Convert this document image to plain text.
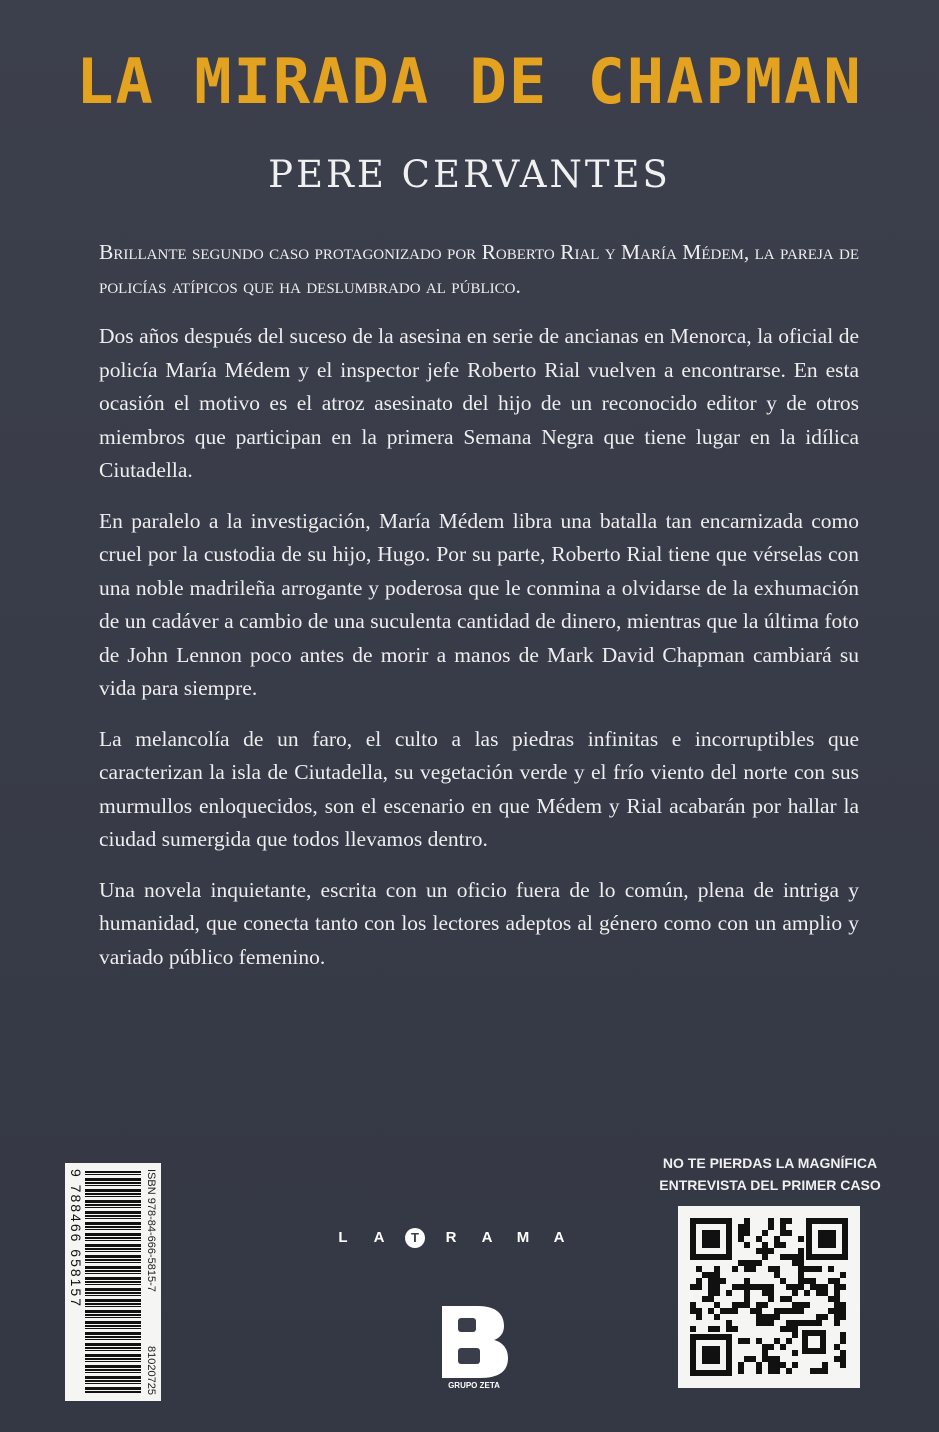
LA MIRADA DE CHAPMAN
PERE CERVANTES

Brillante segundo caso protagonizado por Roberto Rial y María Médem, la pareja de policías atípicos que ha deslumbrado al público.

Dos años después del suceso de la asesina en serie de ancianas en Menorca, la oficial de policía María Médem y el inspector jefe Roberto Rial vuelven a encontrarse. En esta ocasión el motivo es el atroz asesinato del hijo de un reconocido editor y de otros miembros que participan en la primera Semana Negra que tiene lugar en la idílica Ciutadella.

En paralelo a la investigación, María Médem libra una batalla tan encarnizada como cruel por la custodia de su hijo, Hugo. Por su parte, Roberto Rial tiene que vérselas con una noble madrileña arrogante y poderosa que le conmina a olvidarse de la exhumación de un cadáver a cambio de una suculenta cantidad de dinero, mientras que la última foto de John Lennon poco antes de morir a manos de Mark David Chapman cambiará su vida para siempre.

La melancolía de un faro, el culto a las piedras infinitas e incorruptibles que caracterizan la isla de Ciutadella, su vegetación verde y el frío viento del norte con sus murmullos enloquecidos, son el escenario en que Médem y Rial acabarán por hallar la ciudad sumergida que todos llevamos dentro.

Una novela inquietante, escrita con un oficio fuera de lo común, plena de intriga y humanidad, que conecta tanto con los lectores adeptos al género como con un amplio y variado público femenino.

ISBN 978-84-666-5815-7
81020725
9 788466 658157	L A T R A M A
GRUPO ZETA
NO TE PIERDAS LA MAGNÍFICA
ENTREVISTA DEL PRIMER CASO
